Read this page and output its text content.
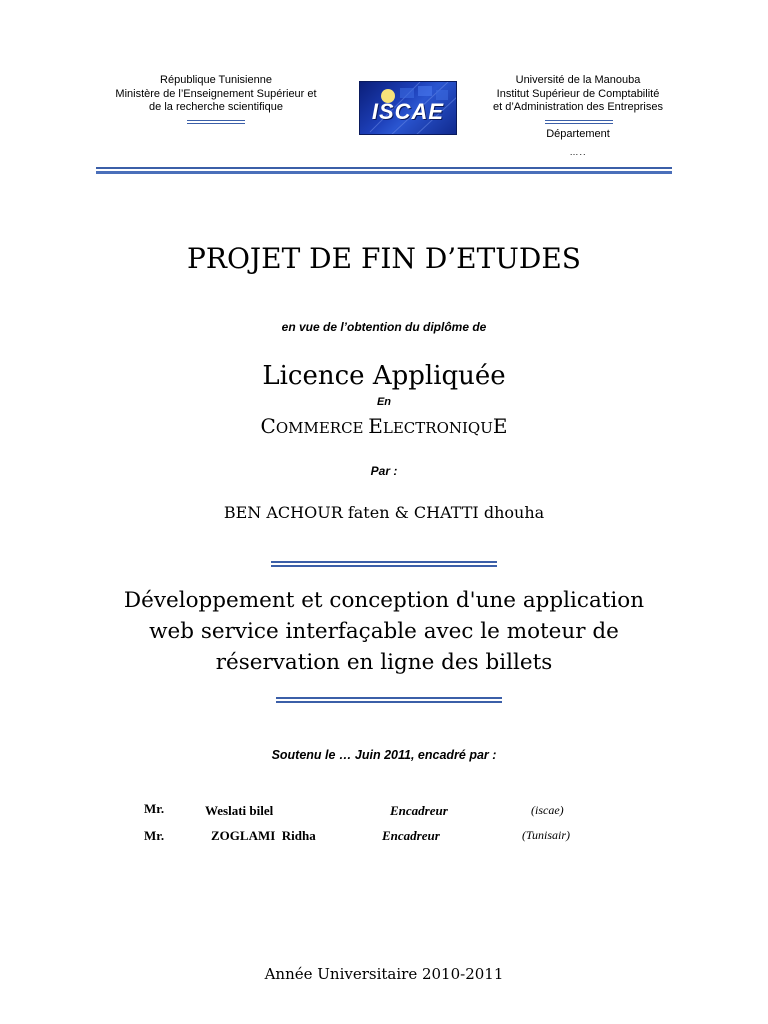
République Tunisienne
Ministère de l’Enseignement Supérieur et
de la recherche scientifique	ISCAE
Université de la Manouba
Institut Supérieur de Comptabilité
et d’Administration des Entreprises
Département
…..
PROJET DE FIN D’ETUDES
en vue de l’obtention du diplôme de
Licence Appliquée
En
COMMERCE ELECTRONIQUE
Par :
BEN ACHOUR faten & CHATTI dhouha
Développement et conception d'une application
web service interfaçable avec le moteur de
réservation en ligne des billets
Soutenu le … Juin 2011, encadré par :
Mr.	Weslati bilel	Encadreur	(iscae)
Mr.	ZOGLAMI  Ridha	Encadreur	(Tunisair)
Année Universitaire 2010-2011
